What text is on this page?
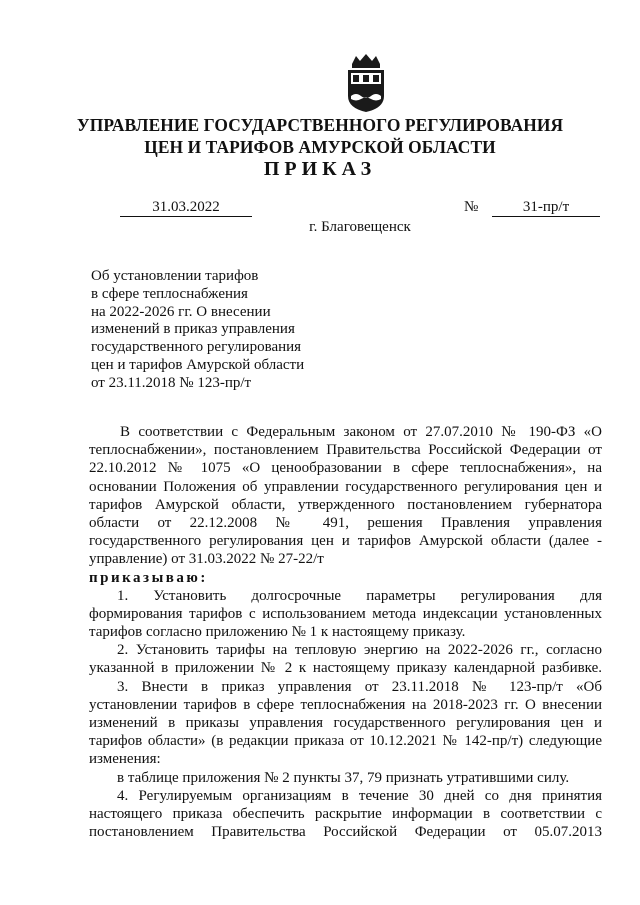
УПРАВЛЕНИЕ ГОСУДАРСТВЕННОГО РЕГУЛИРОВАНИЯ
ЦЕН И ТАРИФОВ АМУРСКОЙ ОБЛАСТИ
ПРИКАЗ
31.03.2022	№	31-пр/т
г. Благовещенск
Об установлении тарифов
в сфере теплоснабжения
на 2022-2026 гг. О внесении
изменений в приказ управления
государственного регулирования
цен и тарифов Амурской области
от 23.11.2018 № 123-пр/т
В соответствии с Федеральным законом от 27.07.2010 № 190-ФЗ «О
теплоснабжении», постановлением Правительства Российской Федерации от
22.10.2012 № 1075 «О ценообразовании в сфере теплоснабжения», на
основании Положения об управлении государственного регулирования цен и
тарифов Амурской области, утвержденного постановлением губернатора
области от 22.12.2008 № 491, решения Правления управления
государственного регулирования цен и тарифов Амурской области (далее -
управление) от 31.03.2022 № 27-22/т
приказываю:
1. Установить долгосрочные параметры регулирования для
формирования тарифов с использованием метода индексации установленных
тарифов согласно приложению № 1 к настоящему приказу.
2. Установить тарифы на тепловую энергию на 2022-2026 гг., согласно
указанной в приложении № 2 к настоящему приказу календарной разбивке.
3. Внести в приказ управления от 23.11.2018 № 123-пр/т «Об
установлении тарифов в сфере теплоснабжения на 2018-2023 гг. О внесении
изменений в приказы управления государственного регулирования цен и
тарифов области» (в редакции приказа от 10.12.2021 № 142-пр/т) следующие
изменения:
в таблице приложения № 2 пункты 37, 79 признать утратившими силу.
4. Регулируемым организациям в течение 30 дней со дня принятия
настоящего приказа обеспечить раскрытие информации в соответствии с
постановлением Правительства Российской Федерации от 05.07.2013
